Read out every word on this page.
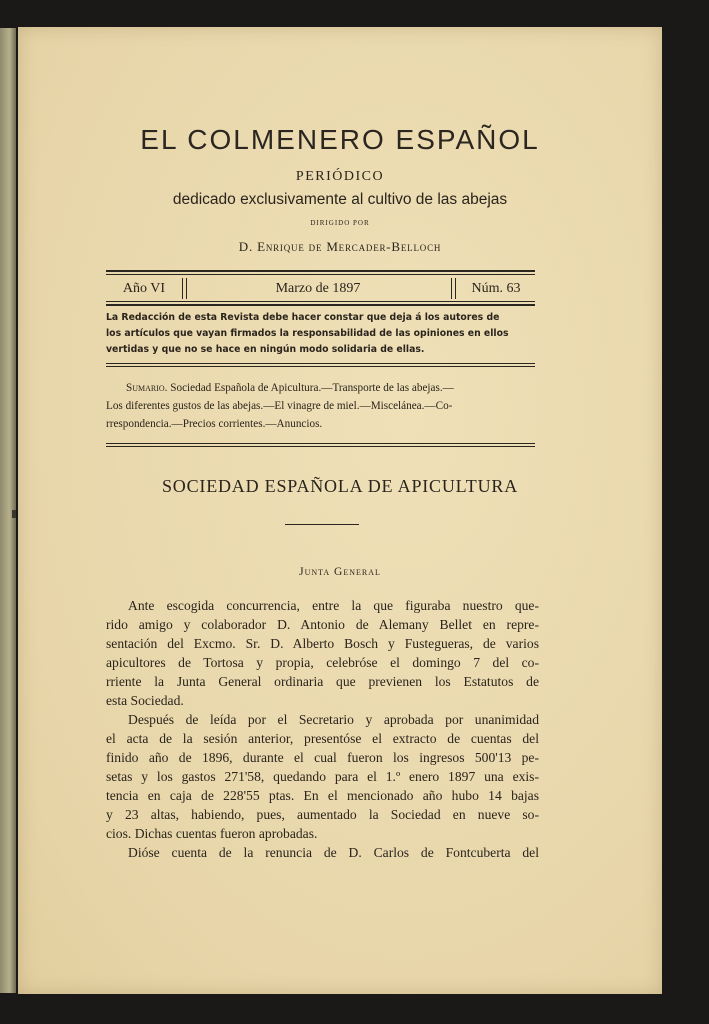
EL COLMENERO ESPAÑOL
PERIÓDICO
dedicado exclusivamente al cultivo de las abejas
DIRIGIDO POR
D. Enrique de Mercader-Belloch
Año VI	Marzo de 1897	Núm. 63
La Redacción de esta Revista debe hacer constar que deja á los autores de
los artículos que vayan firmados la responsabilidad de las opiniones en ellos
vertidas y que no se hace en ningún modo solidaria de ellas.
Sumario. Sociedad Española de Apicultura.—Transporte de las abejas.—
Los diferentes gustos de las abejas.—El vinagre de miel.—Miscelánea.—Co-
rrespondencia.—Precios corrientes.—Anuncios.
SOCIEDAD ESPAÑOLA DE APICULTURA
Junta General
Ante escogida concurrencia, entre la que figuraba nuestro que-
rido amigo y colaborador D. Antonio de Alemany Bellet en repre-
sentación del Excmo. Sr. D. Alberto Bosch y Fustegueras, de varios
apicultores de Tortosa y propia, celebróse el domingo 7 del co-
rriente la Junta General ordinaria que previenen los Estatutos de
esta Sociedad.
Después de leída por el Secretario y aprobada por unanimidad
el acta de la sesión anterior, presentóse el extracto de cuentas del
finido año de 1896, durante el cual fueron los ingresos 500'13 pe-
setas y los gastos 271'58, quedando para el 1.º enero 1897 una exis-
tencia en caja de 228'55 ptas. En el mencionado año hubo 14 bajas
y 23 altas, habiendo, pues, aumentado la Sociedad en nueve so-
cios. Dichas cuentas fueron aprobadas.
Dióse cuenta de la renuncia de D. Carlos de Fontcuberta del
